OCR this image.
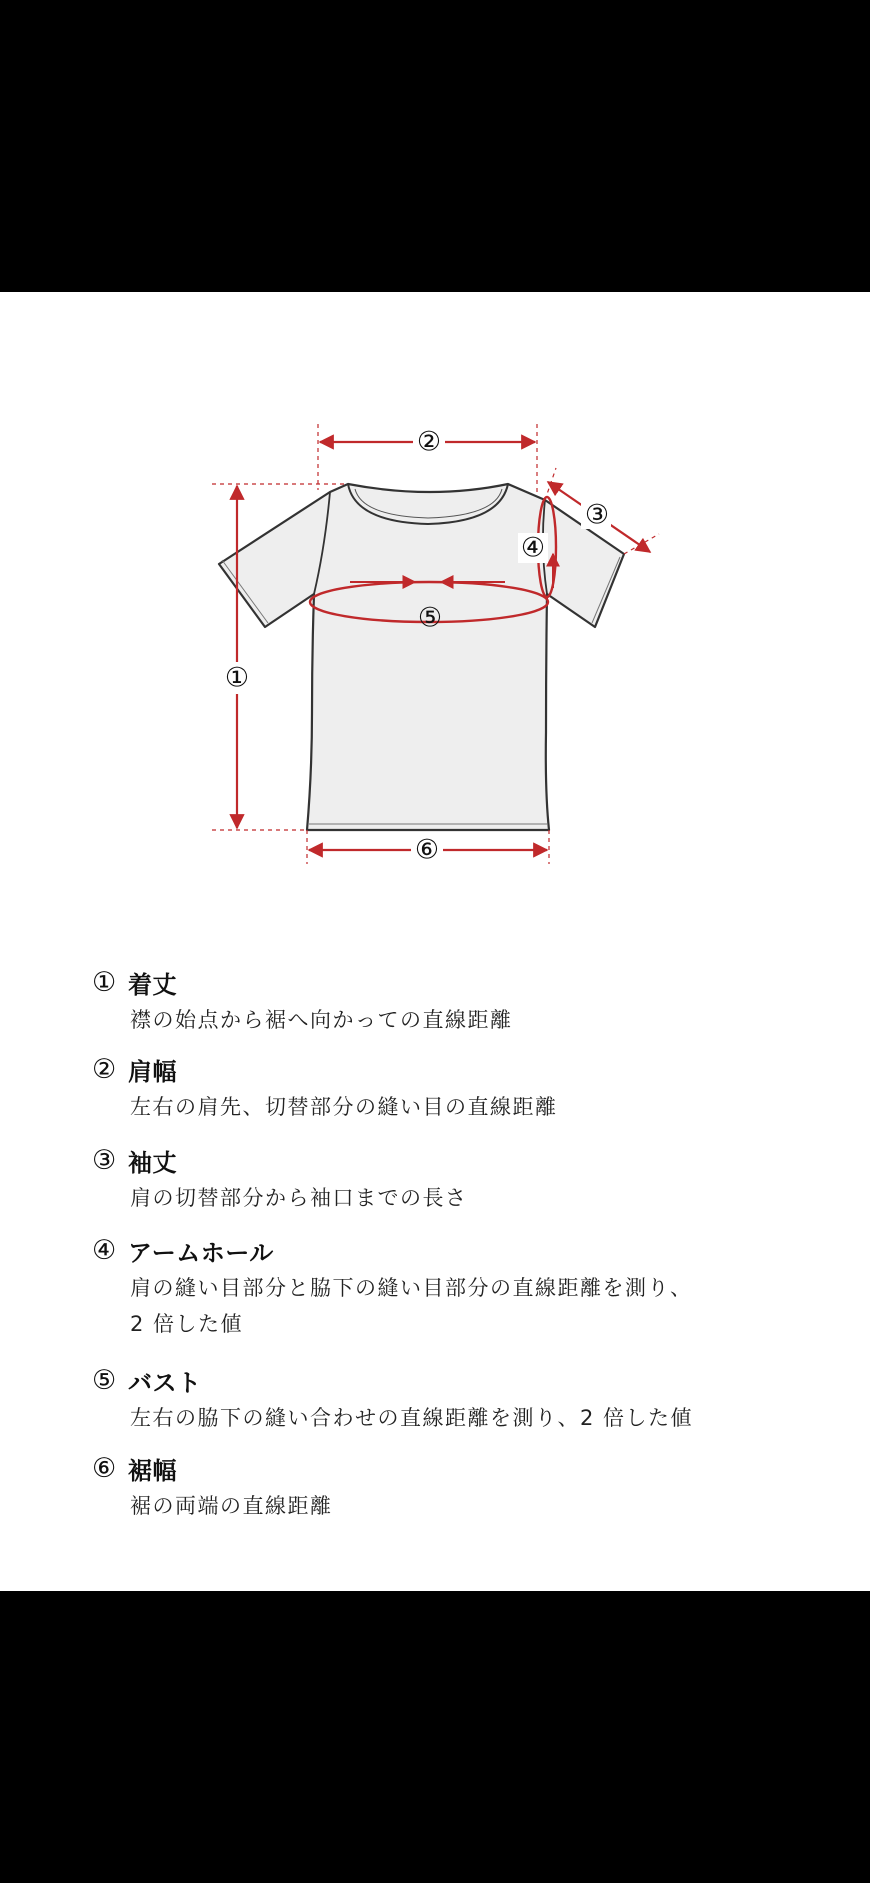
①
②
③
④
⑤
⑥
① 着丈
襟の始点から裾へ向かっての直線距離
② 肩幅
左右の肩先、切替部分の縫い目の直線距離
③ 袖丈
肩の切替部分から袖口までの長さ
④ アームホール
肩の縫い目部分と脇下の縫い目部分の直線距離を測り、
2 倍した値
⑤ バスト
左右の脇下の縫い合わせの直線距離を測り、2 倍した値
⑥ 裾幅
裾の両端の直線距離
